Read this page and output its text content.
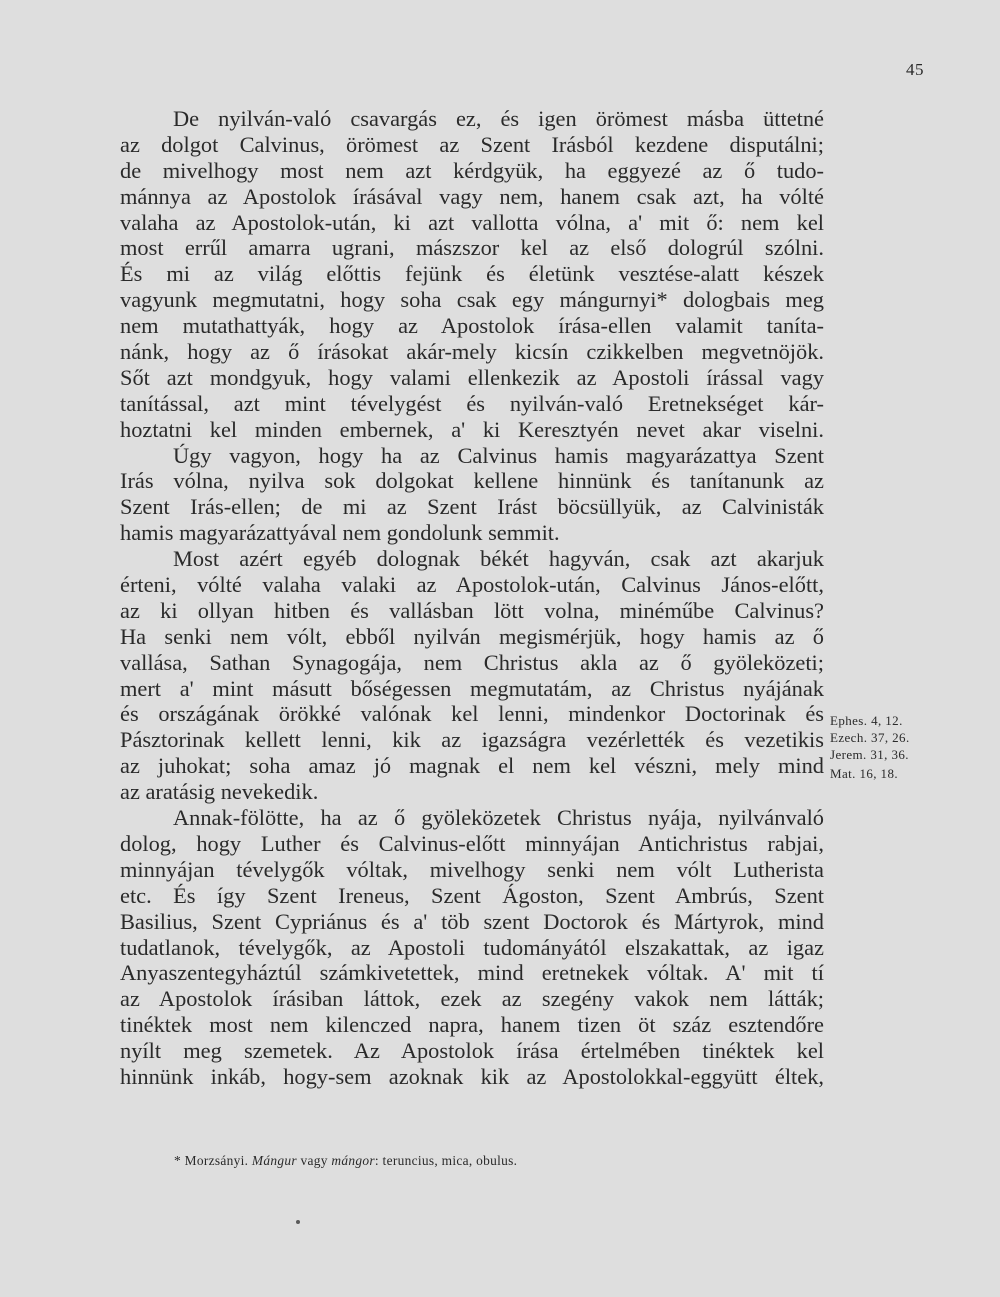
45
De nyilván-való csavargás ez, és igen örömest másba üttetné
az dolgot Calvinus, örömest az Szent Irásból kezdene disputálni;
de mivelhogy most nem azt kérdgyük, ha eggyezé az ő tudo-
mánnya az Apostolok írásával vagy nem, hanem csak azt, ha vólté
valaha az Apostolok-után, ki azt vallotta vólna, a' mit ő: nem kel
most errűl amarra ugrani, mászszor kel az első dologrúl szólni.
És mi az világ előttis fejünk és életünk vesztése-alatt készek
vagyunk megmutatni, hogy soha csak egy mángurnyi* dologbais meg
nem mutathattyák, hogy az Apostolok írása-ellen valamit taníta-
nánk, hogy az ő írásokat akár-mely kicsín czikkelben megvetnöjök.
Sőt azt mondgyuk, hogy valami ellenkezik az Apostoli írással vagy
tanítással, azt mint tévelygést és nyilván-való Eretnekséget kár-
hoztatni kel minden embernek, a' ki Keresztyén nevet akar viselni.
Úgy vagyon, hogy ha az Calvinus hamis magyarázattya Szent
Irás vólna, nyilva sok dolgokat kellene hinnünk és tanítanunk az
Szent Irás-ellen; de mi az Szent Irást böcsüllyük, az Calvinisták
hamis magyarázattyával nem gondolunk semmit.
Most azért egyéb dolognak békét hagyván, csak azt akarjuk
érteni, vólté valaha valaki az Apostolok-után, Calvinus János-előtt,
az ki ollyan hitben és vallásban lött volna, minéműbe Calvinus?
Ha senki nem vólt, ebből nyilván megismérjük, hogy hamis az ő
vallása, Sathan Synagogája, nem Christus akla az ő gyöleközeti;
mert a' mint másutt bőségessen megmutatám, az Christus nyájának
és országának örökké valónak kel lenni, mindenkor Doctorinak és
Pásztorinak kellett lenni, kik az igazságra vezérlették és vezetikis
az juhokat; soha amaz jó magnak el nem kel vészni, mely mind
az aratásig nevekedik.
Annak-fölötte, ha az ő gyöleközetek Christus nyája, nyilvánvaló
dolog, hogy Luther és Calvinus-előtt minnyájan Antichristus rabjai,
minnyájan tévelygők vóltak, mivelhogy senki nem vólt Lutherista
etc. És így Szent Ireneus, Szent Ágoston, Szent Ambrús, Szent
Basilius, Szent Cypriánus és a' töb szent Doctorok és Mártyrok, mind
tudatlanok, tévelygők, az Apostoli tudományától elszakattak, az igaz
Anyaszentegyháztúl számkivetettek, mind eretnekek vóltak. A' mit tí
az Apostolok írásiban láttok, ezek az szegény vakok nem látták;
tinéktek most nem kilenczed napra, hanem tizen öt száz esztendőre
nyílt meg szemetek. Az Apostolok írása értelmében tinéktek kel
hinnünk inkáb, hogy-sem azoknak kik az Apostolokkal-eggyütt éltek,
Ephes. 4, 12.
Ezech. 37, 26.
Jerem. 31, 36.
Mat. 16, 18.
* Morzsányi. Mángur vagy mángor: teruncius, mica, obulus.
